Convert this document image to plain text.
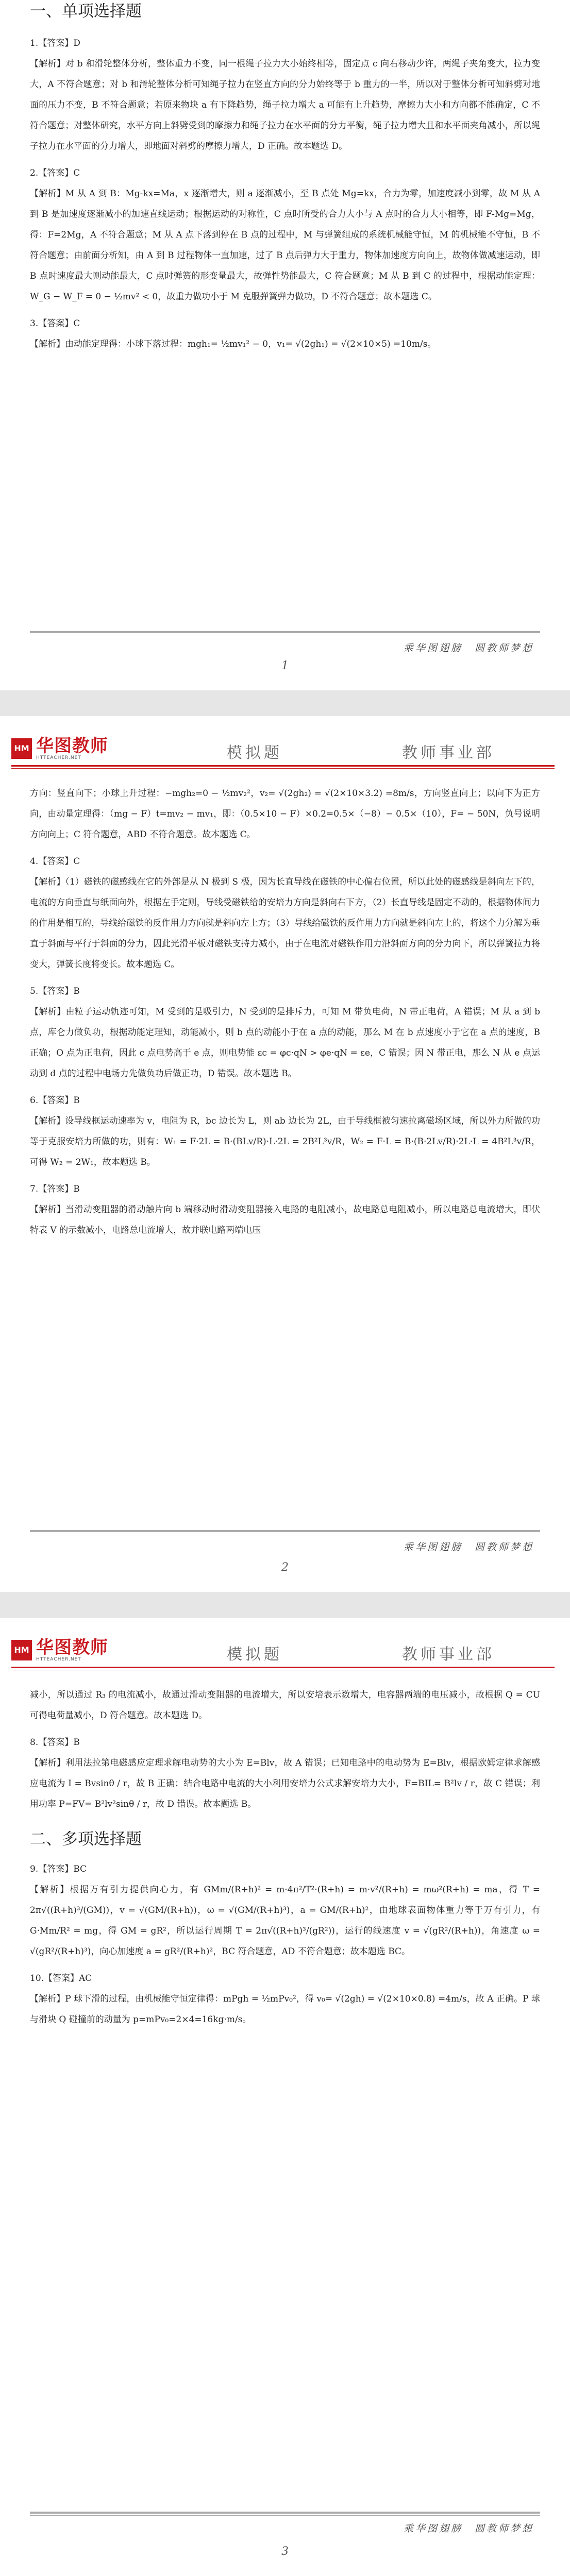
一、单项选择题

1.【答案】D

【解析】对 b 和滑轮整体分析，整体重力不变，同一根绳子拉力大小始终相等，固定点 c 向右移动少许，两绳子夹角变大，拉力变大，A 不符合题意；对 b 和滑轮整体分析可知绳子拉力在竖直方向的分力始终等于 b 重力的一半，所以对于整体分析可知斜劈对地面的压力不变，B 不符合题意；若原来物块 a 有下降趋势，绳子拉力增大 a 可能有上升趋势，摩擦力大小和方向都不能确定，C 不符合题意；对整体研究，水平方向上斜劈受到的摩擦力和绳子拉力在水平面的分力平衡，绳子拉力增大且和水平面夹角减小，所以绳子拉力在水平面的分力增大，即地面对斜劈的摩擦力增大，D 正确。故本题选 D。

2.【答案】C

【解析】M 从 A 到 B：Mg-kx=Ma，x 逐渐增大，则 a 逐渐减小，至 B 点处 Mg=kx，合力为零，加速度减小到零，故 M 从 A 到 B 是加速度逐渐减小的加速直线运动；根据运动的对称性，C 点时所受的合力大小与 A 点时的合力大小相等，即 F-Mg=Mg，得：F=2Mg，A 不符合题意；M 从 A 点下落到停在 B 点的过程中，M 与弹簧组成的系统机械能守恒，M 的机械能不守恒，B 不符合题意；由前面分析知，由 A 到 B 过程物体一直加速，过了 B 点后弹力大于重力，物体加速度方向向上，故物体做减速运动，即 B 点时速度最大则动能最大，C 点时弹簧的形变量最大，故弹性势能最大，C 符合题意；M 从 B 到 C 的过程中，根据动能定理：W_G − W_F = 0 − ½mv² < 0，故重力做功小于 M 克服弹簧弹力做功，D 不符合题意；故本题选 C。

3.【答案】C

【解析】由动能定理得：小球下落过程：mgh₁= ½mv₁² − 0，v₁= √(2gh₁) = √(2×10×5) =10m/s。

乘华图翅膀　圆教师梦想
1
HM 华图教师
HTTEACHER.NET	模拟题	教师事业部

方向：竖直向下；小球上升过程：−mgh₂=0 − ½mv₂²，v₂= √(2gh₂) = √(2×10×3.2) =8m/s，方向竖直向上；以向下为正方向，由动量定理得：（mg − F）t=mv₂ − mv₁，即：（0.5×10 − F）×0.2=0.5×（−8）− 0.5×（10），F= − 50N，负号说明方向向上；C 符合题意，ABD 不符合题意。故本题选 C。

4.【答案】C

【解析】（1）磁铁的磁感线在它的外部是从 N 极到 S 极，因为长直导线在磁铁的中心偏右位置，所以此处的磁感线是斜向左下的，电流的方向垂直与纸面向外，根据左手定则，导线受磁铁给的安培力方向是斜向右下方，（2）长直导线是固定不动的，根据物体间力的作用是相互的，导线给磁铁的反作用力方向就是斜向左上方；（3）导线给磁铁的反作用力方向就是斜向左上的，将这个力分解为垂直于斜面与平行于斜面的分力，因此光滑平板对磁铁支持力减小，由于在电流对磁铁作用力沿斜面方向的分力向下，所以弹簧拉力将变大，弹簧长度将变长。故本题选 C。

5.【答案】B

【解析】由粒子运动轨迹可知，M 受到的是吸引力，N 受到的是排斥力，可知 M 带负电荷，N 带正电荷，A 错误；M 从 a 到 b 点，库仑力做负功，根据动能定理知，动能减小，则 b 点的动能小于在 a 点的动能，那么 M 在 b 点速度小于它在 a 点的速度，B 正确；O 点为正电荷，因此 c 点电势高于 e 点，则电势能 εc = φc·qN > φe·qN = εe，C 错误；因 N 带正电，那么 N 从 e 点运动到 d 点的过程中电场力先做负功后做正功，D 错误。故本题选 B。

6.【答案】B

【解析】设导线框运动速率为 v，电阻为 R，bc 边长为 L，则 ab 边长为 2L，由于导线框被匀速拉离磁场区域，所以外力所做的功等于克服安培力所做的功，则有：W₁ = F·2L = B·(BLv/R)·L·2L = 2B²L³v/R，W₂ = F·L = B·(B·2Lv/R)·2L·L = 4B²L³v/R，可得 W₂ = 2W₁，故本题选 B。

7.【答案】B

【解析】当滑动变阻器的滑动触片向 b 端移动时滑动变阻器接入电路的电阻减小，故电路总电阻减小，所以电路总电流增大，即伏特表 V 的示数减小，电路总电流增大，故并联电路两端电压

乘华图翅膀　圆教师梦想
2
HM 华图教师
HTTEACHER.NET	模拟题	教师事业部

减小，所以通过 R₃ 的电流减小，故通过滑动变阻器的电流增大，所以安培表示数增大，电容器两端的电压减小，故根据 Q = CU 可得电荷量减小，D 符合题意。故本题选 D。

8.【答案】B

【解析】利用法拉第电磁感应定理求解电动势的大小为 E=Blv，故 A 错误；已知电路中的电动势为 E=Blv，根据欧姆定律求解感应电流为 I = Bvsinθ / r，故 B 正确；结合电路中电流的大小利用安培力公式求解安培力大小，F=BIL= B²lv / r，故 C 错误；利用功率 P=FV= B²lv²sinθ / r，故 D 错误。故本题选 B。

二、多项选择题

9.【答案】BC

【解析】根据万有引力提供向心力，有 GMm/(R+h)² = m·4π²/T²·(R+h) = m·v²/(R+h) = mω²(R+h) = ma，得 T = 2π√((R+h)³/(GM))，v = √(GM/(R+h))，ω = √(GM/(R+h)³)，a = GM/(R+h)²，由地球表面物体重力等于万有引力，有 G·Mm/R² = mg，得 GM = gR²，所以运行周期 T = 2π√((R+h)³/(gR²))，运行的线速度 v = √(gR²/(R+h))，角速度 ω = √(gR²/(R+h)³)，向心加速度 a = gR²/(R+h)²，BC 符合题意，AD 不符合题意；故本题选 BC。

10.【答案】AC

【解析】P 球下滑的过程，由机械能守恒定律得：mPgh = ½mPv₀²，得 v₀= √(2gh) = √(2×10×0.8) =4m/s，故 A 正确。P 球与滑块 Q 碰撞前的动量为 p=mPv₀=2×4=16kg·m/s。

乘华图翅膀　圆教师梦想
3
